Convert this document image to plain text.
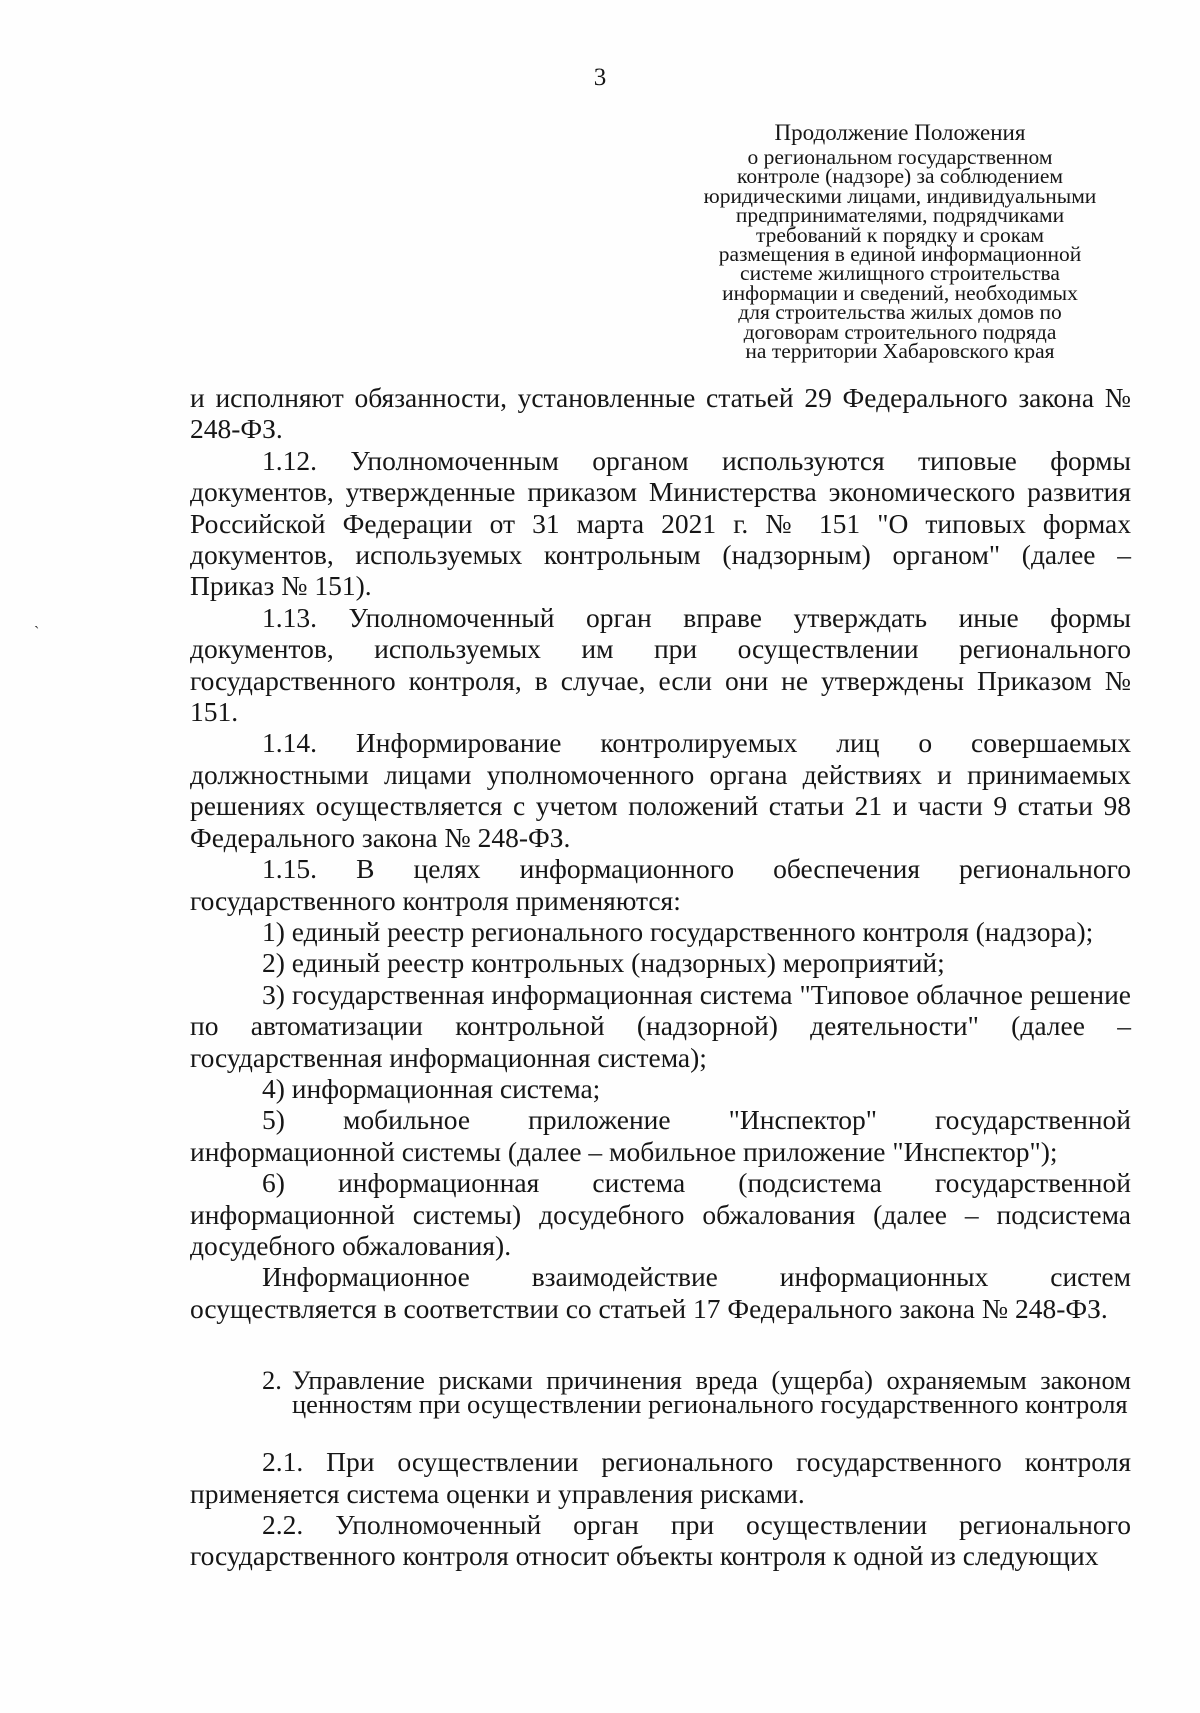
3
`
Продолжение Положения
о региональном государственном
контроле (надзоре) за соблюдением
юридическими лицами, индивидуальными
предпринимателями, подрядчиками
требований к порядку и срокам
размещения в единой информационной
системе жилищного строительства
информации и сведений, необходимых
для строительства жилых домов по
договорам строительного подряда
на территории Хабаровского края

и исполняют обязанности, установленные статьей 29 Федерального закона № 248-ФЗ.

1.12. Уполномоченным органом используются типовые формы документов, утвержденные приказом Министерства экономического развития Российской Федерации от 31 марта 2021 г. № 151 "О типовых формах документов, используемых контрольным (надзорным) органом" (далее – Приказ № 151).

1.13. Уполномоченный орган вправе утверждать иные формы документов, используемых им при осуществлении регионального государственного контроля, в случае, если они не утверждены Приказом № 151.

1.14. Информирование контролируемых лиц о совершаемых должностными лицами уполномоченного органа действиях и принимаемых решениях осуществляется с учетом положений статьи 21 и части 9 статьи 98 Федерального закона № 248-ФЗ.

1.15. В целях информационного обеспечения регионального государственного контроля применяются:

1) единый реестр регионального государственного контроля (надзора);

2) единый реестр контрольных (надзорных) мероприятий;

3) государственная информационная система "Типовое облачное решение по автоматизации контрольной (надзорной) деятельности" (далее – государственная информационная система);

4) информационная система;

5) мобильное приложение "Инспектор" государственной информационной системы (далее – мобильное приложение "Инспектор");

6) информационная система (подсистема государственной информационной системы) досудебного обжалования (далее – подсистема досудебного обжалования).

Информационное взаимодействие информационных систем осуществляется в соответствии со статьей 17 Федерального закона № 248-ФЗ.

2. Управление рисками причинения вреда (ущерба) охраняемым законом ценностям при осуществлении регионального государственного контроля

2.1. При осуществлении регионального государственного контроля применяется система оценки и управления рисками.

2.2. Уполномоченный орган при осуществлении регионального государственного контроля относит объекты контроля к одной из следующих
